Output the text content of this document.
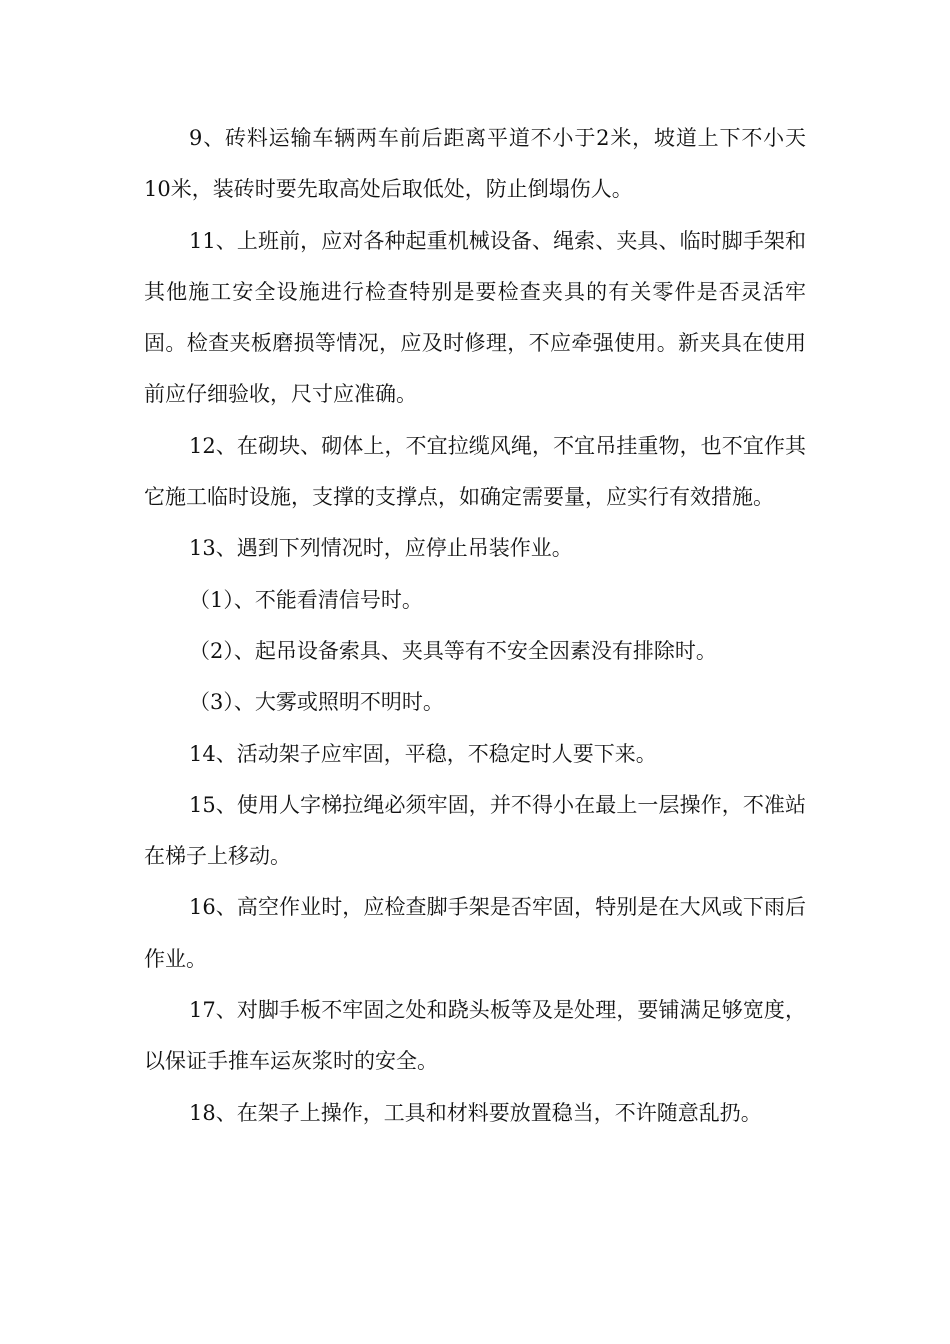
9、砖料运输车辆两车前后距离平道不小于2米，坡道上下不小天10米，装砖时要先取高处后取低处，防止倒塌伤人。

11、上班前，应对各种起重机械设备、绳索、夹具、临时脚手架和其他施工安全设施进行检查特别是要检查夹具的有关零件是否灵活牢固。检查夹板磨损等情况，应及时修理，不应牵强使用。新夹具在使用前应仔细验收，尺寸应准确。

12、在砌块、砌体上，不宜拉缆风绳，不宜吊挂重物，也不宜作其它施工临时设施，支撑的支撑点，如确定需要量，应实行有效措施。

13、遇到下列情况时，应停止吊装作业。

（1）、不能看清信号时。

（2）、起吊设备索具、夹具等有不安全因素没有排除时。

（3）、大雾或照明不明时。

14、活动架子应牢固，平稳，不稳定时人要下来。

15、使用人字梯拉绳必须牢固，并不得小在最上一层操作，不准站在梯子上移动。

16、高空作业时，应检查脚手架是否牢固，特别是在大风或下雨后作业。

17、对脚手板不牢固之处和跷头板等及是处理，要铺满足够宽度，以保证手推车运灰浆时的安全。

18、在架子上操作，工具和材料要放置稳当，不许随意乱扔。
